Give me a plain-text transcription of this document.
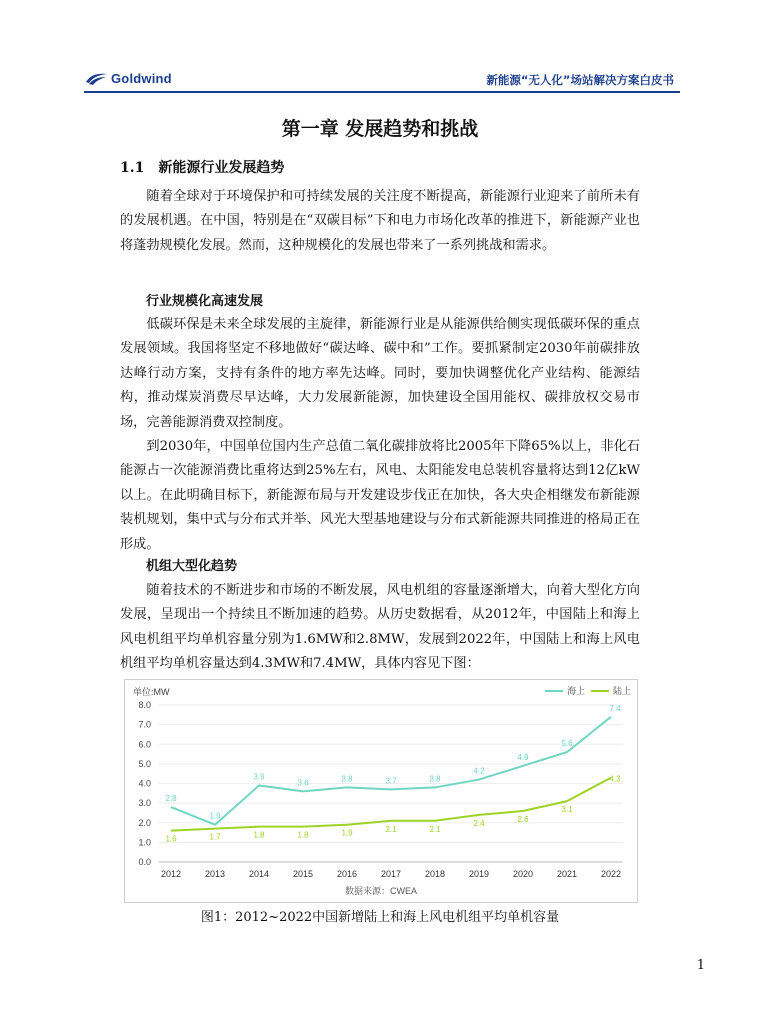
Goldwind	新能源“无人化”场站解决方案白皮书
第一章 发展趋势和挑战
1.1 新能源行业发展趋势

随着全球对于环境保护和可持续发展的关注度不断提高，新能源行业迎来了前所未有的发展机遇。在中国，特别是在“双碳目标”下和电力市场化改革的推进下，新能源产业也将蓬勃规模化发展。然而，这种规模化的发展也带来了一系列挑战和需求。

行业规模化高速发展

低碳环保是未来全球发展的主旋律，新能源行业是从能源供给侧实现低碳环保的重点发展领域。我国将坚定不移地做好“碳达峰、碳中和”工作。要抓紧制定2030年前碳排放达峰行动方案，支持有条件的地方率先达峰。同时，要加快调整优化产业结构、能源结构，推动煤炭消费尽早达峰，大力发展新能源，加快建设全国用能权、碳排放权交易市场，完善能源消费双控制度。

到2030年，中国单位国内生产总值二氧化碳排放将比2005年下降65%以上，非化石能源占一次能源消费比重将达到25%左右，风电、太阳能发电总装机容量将达到12亿kW以上。在此明确目标下，新能源布局与开发建设步伐正在加快，各大央企相继发布新能源装机规划，集中式与分布式并举、风光大型基地建设与分布式新能源共同推进的格局正在形成。

机组大型化趋势

随着技术的不断进步和市场的不断发展，风电机组的容量逐渐增大，向着大型化方向发展，呈现出一个持续且不断加速的趋势。从历史数据看，从2012年，中国陆上和海上风电机组平均单机容量分别为1.6MW和2.8MW，发展到2022年，中国陆上和海上风电机组平均单机容量达到4.3MW和7.4MW，具体内容见下图：

单位:MW
数据来源：CWEA
海上	陆上
0.0
1.0
2.0
3.0
4.0
5.0
6.0
7.0
8.0
2012	2013	2014	2015	2016	2017	2018	2019	2020	2021	2022
2.8
1.9
3.9
3.6	3.8	3.7	3.8
4.2
4.9
5.6
7.4
1.6	1.7	1.8	1.8	1.9	2.1	2.1
2.4	2.6
3.1
4.3
图1：2012~2022中国新增陆上和海上风电机组平均单机容量
1
